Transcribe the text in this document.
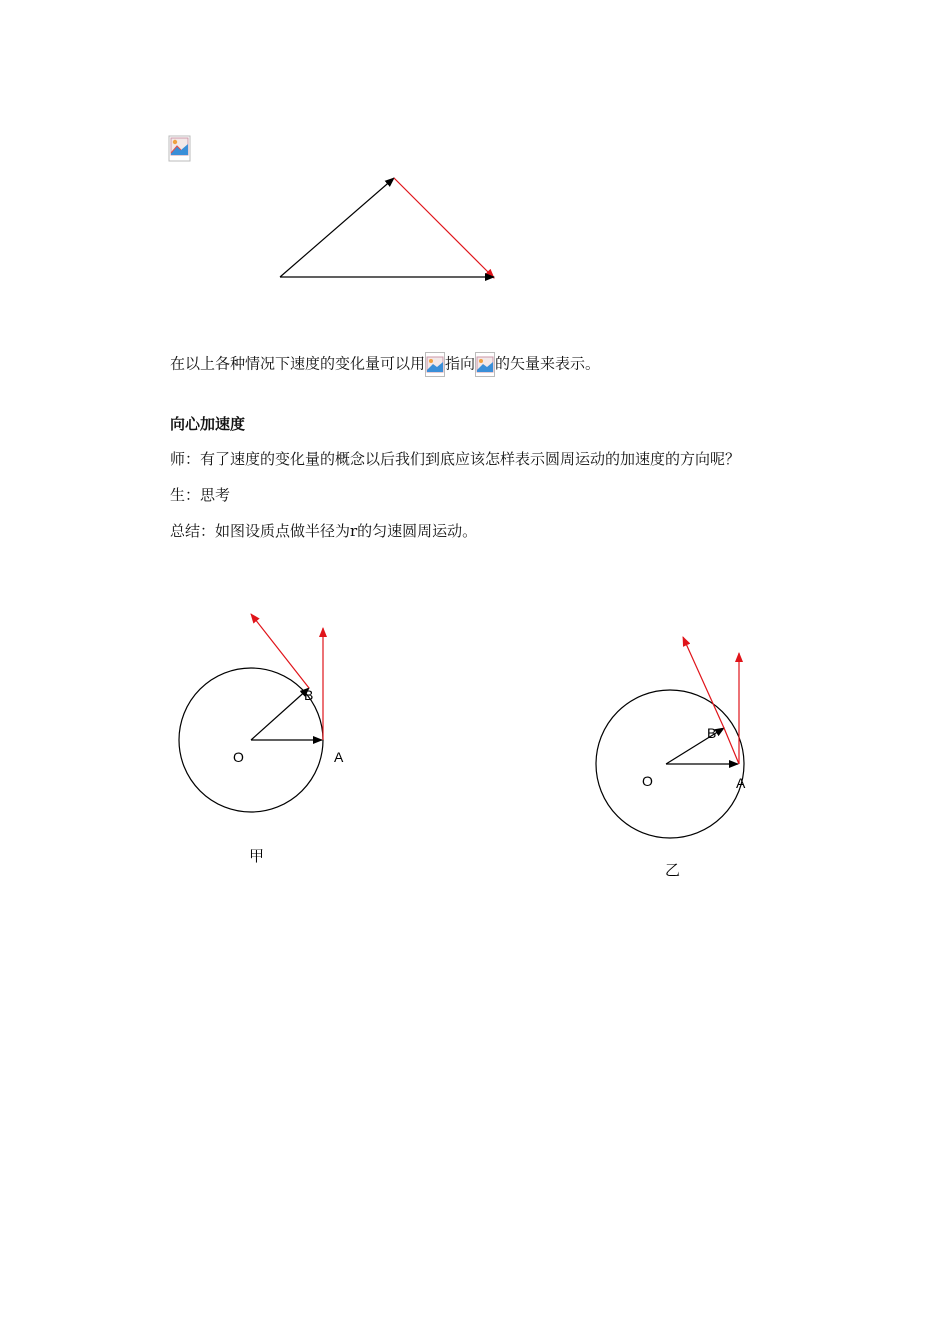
在以上各种情况下速度的变化量可以用 指向 的矢量来表示。
向心加速度
师：有了速度的变化量的概念以后我们到底应该怎样表示圆周运动的加速度的方向呢？
生：思考
总结：如图设质点做半径为r的匀速圆周运动。
O	A
B
甲
O	A
B
乙
